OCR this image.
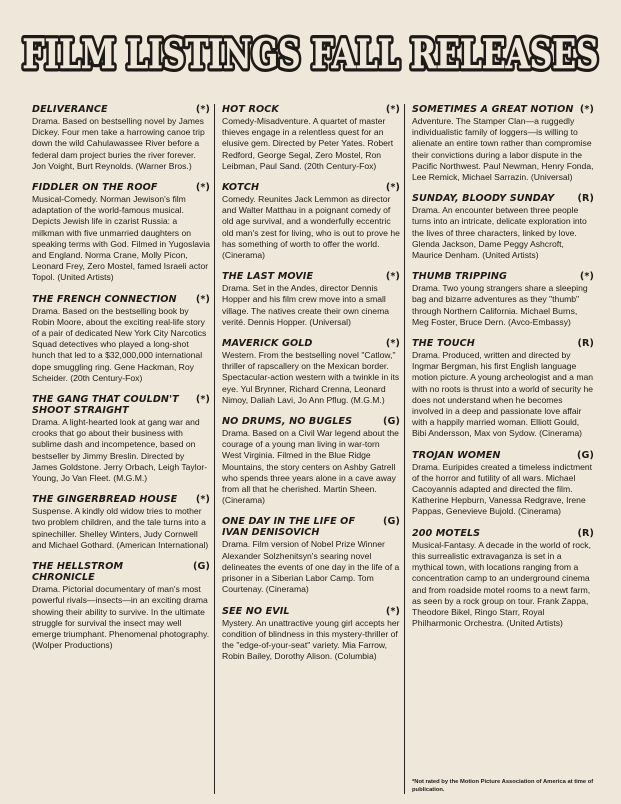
FILM LISTINGS FALL RELEASES
FILM LISTINGS FALL RELEASES
DELIVERANCE	(*)
Drama. Based on bestselling novel by James Dickey. Four men take a harrowing canoe trip down the wild Cahulawassee River before a federal dam project buries the river forever. Jon Voight, Burt Reynolds. (Warner Bros.)
FIDDLER ON THE ROOF	(*)
Musical-Comedy. Norman Jewison's film adaptation of the world-famous musical. Depicts Jewish life in czarist Russia: a milkman with five unmarried daughters on speaking terms with God. Filmed in Yugoslavia and England. Norma Crane, Molly Picon, Leonard Frey, Zero Mostel, famed Israeli actor Topol. (United Artists)
THE FRENCH CONNECTION (*)
Drama. Based on the bestselling book by Robin Moore, about the exciting real-life story of a pair of dedicated New York City Narcotics Squad detectives who played a long-shot hunch that led to a $32,000,000 international dope smuggling ring. Gene Hackman, Roy Scheider. (20th Century-Fox)
THE GANG THAT COULDN'T
SHOOT STRAIGHT
(*)
Drama. A light-hearted look at gang war and crooks that go about their business with sublime dash and incompetence, based on bestseller by Jimmy Breslin. Directed by James Goldstone. Jerry Orbach, Leigh Taylor-Young, Jo Van Fleet. (M.G.M.)
THE GINGERBREAD HOUSE (*)
Suspense. A kindly old widow tries to mother two problem children, and the tale turns into a spinechiller. Shelley Winters, Judy Cornwell and Michael Gothard. (American International)
THE HELLSTROM CHRONICLE
(G)
Drama. Pictorial documentary of man's most powerful rivals—insects—in an exciting drama showing their ability to survive. In the ultimate struggle for survival the insect may well emerge triumphant. Phenomenal photography. (Wolper Productions)
HOT ROCK	(*)
Comedy-Misadventure. A quartet of master thieves engage in a relentless quest for an elusive gem. Directed by Peter Yates. Robert Redford, George Segal, Zero Mostel, Ron Leibman, Paul Sand. (20th Century-Fox)
KOTCH	(*)
Comedy. Reunites Jack Lemmon as director and Walter Matthau in a poignant comedy of old age survival, and a wonderfully eccentric old man's zest for living, who is out to prove he has something of worth to offer the world. (Cinerama)
THE LAST MOVIE	(*)
Drama. Set in the Andes, director Dennis Hopper and his film crew move into a small village. The natives create their own cinema verité. Dennis Hopper. (Universal)
MAVERICK GOLD	(*)
Western. From the bestselling novel "Catlow," thriller of rapscallery on the Mexican border. Spectacular-action western with a twinkle in its eye. Yul Brynner, Richard Crenna, Leonard Nimoy, Daliah Lavi, Jo Ann Pflug. (M.G.M.)
NO DRUMS, NO BUGLES	(G)
Drama. Based on a Civil War legend about the courage of a young man living in war-torn West Virginia. Filmed in the Blue Ridge Mountains, the story centers on Ashby Gatrell who spends three years alone in a cave away from all that he cherished. Martin Sheen. (Cinerama)
ONE DAY IN THE LIFE OF
IVAN DENISOVICH
(G)
Drama. Film version of Nobel Prize Winner Alexander Solzhenitsyn's searing novel delineates the events of one day in the life of a prisoner in a Siberian Labor Camp. Tom Courtenay. (Cinerama)
SEE NO EVIL	(*)
Mystery. An unattractive young girl accepts her condition of blindness in this mystery-thriller of the "edge-of-your-seat" variety. Mia Farrow, Robin Bailey, Dorothy Alison. (Columbia)
SOMETIMES A GREAT NOTION (*)
Adventure. The Stamper Clan—a ruggedly individualistic family of loggers—is willing to alienate an entire town rather than compromise their convictions during a labor dispute in the Pacific Northwest. Paul Newman, Henry Fonda, Lee Remick, Michael Sarrazin. (Universal)
SUNDAY, BLOODY SUNDAY (R)
Drama. An encounter between three people turns into an intricate, delicate exploration into the lives of three characters, linked by love. Glenda Jackson, Dame Peggy Ashcroft, Maurice Denham. (United Artists)
THUMB TRIPPING	(*)
Drama. Two young strangers share a sleeping bag and bizarre adventures as they "thumb" through Northern California. Michael Burns, Meg Foster, Bruce Dern. (Avco-Embassy)
THE TOUCH	(R)
Drama. Produced, written and directed by Ingmar Bergman, his first English language motion picture. A young archeologist and a man with no roots is thrust into a world of security he does not understand when he becomes involved in a deep and passionate love affair with a happily married woman. Elliott Gould, Bibi Andersson, Max von Sydow. (Cinerama)
TROJAN WOMEN	(G)
Drama. Euripides created a timeless indictment of the horror and futility of all wars. Michael Cacoyannis adapted and directed the film. Katherine Hepburn, Vanessa Redgrave, Irene Pappas, Genevieve Bujold. (Cinerama)
200 MOTELS	(R)
Musical-Fantasy. A decade in the world of rock, this surrealistic extravaganza is set in a mythical town, with locations ranging from a concentration camp to an underground cinema and from roadside motel rooms to a newt farm, as seen by a rock group on tour. Frank Zappa, Theodore Bikel, Ringo Starr, Royal Philharmonic Orchestra. (United Artists)
*Not rated by the Motion Picture Association of America at time of publication.
